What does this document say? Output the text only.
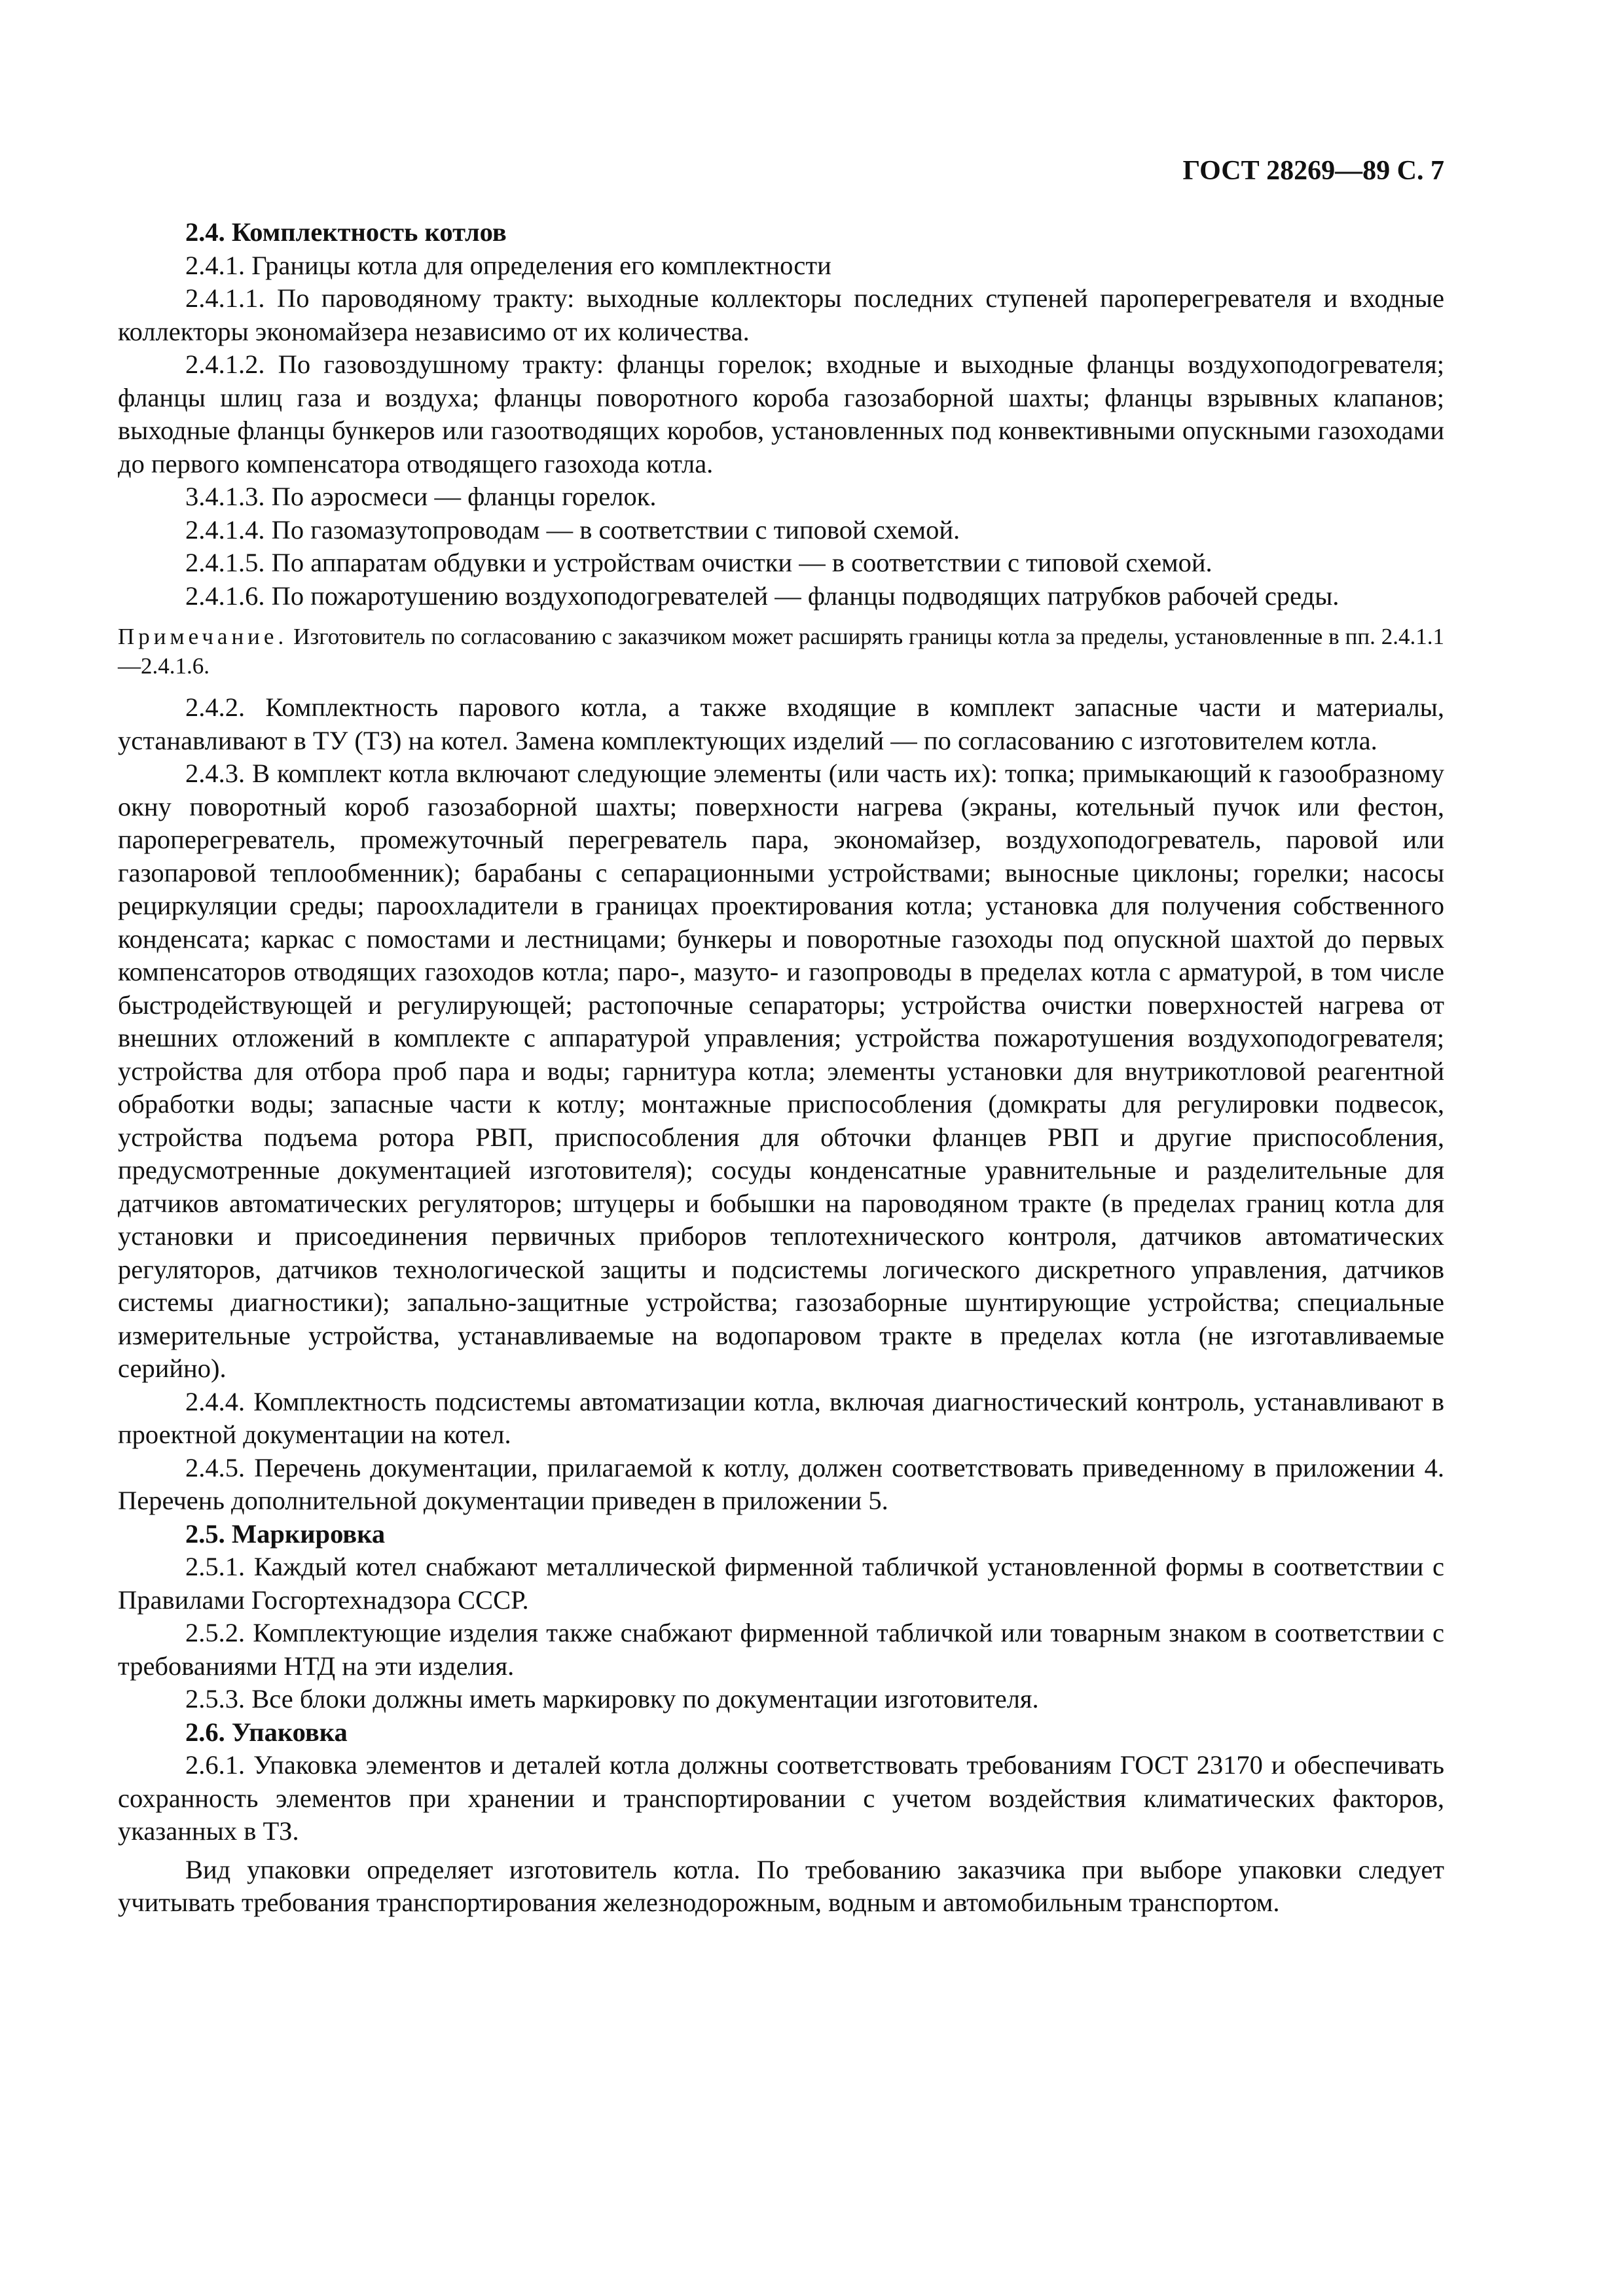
ГОСТ 28269—89 С. 7

2.4. Комплектность котлов

2.4.1. Границы котла для определения его комплектности

2.4.1.1. По пароводяному тракту: выходные коллекторы последних ступеней пароперегревателя и входные коллекторы экономайзера независимо от их количества.

2.4.1.2. По газовоздушному тракту: фланцы горелок; входные и выходные фланцы воздухоподогревателя; фланцы шлиц газа и воздуха; фланцы поворотного короба газозаборной шахты; фланцы взрывных клапанов; выходные фланцы бункеров или газоотводящих коробов, установленных под конвективными опускными газоходами до первого компенсатора отводящего газохода котла.

3.4.1.3. По аэросмеси — фланцы горелок.

2.4.1.4. По газомазутопроводам — в соответствии с типовой схемой.

2.4.1.5. По аппаратам обдувки и устройствам очистки — в соответствии с типовой схемой.

2.4.1.6. По пожаротушению воздухоподогревателей — фланцы подводящих патрубков рабочей среды.

Примечание. Изготовитель по согласованию с заказчиком может расширять границы котла за пределы, установленные в пп. 2.4.1.1—2.4.1.6.

2.4.2. Комплектность парового котла, а также входящие в комплект запасные части и материалы, устанавливают в ТУ (ТЗ) на котел. Замена комплектующих изделий — по согласованию с изготовителем котла.

2.4.3. В комплект котла включают следующие элементы (или часть их): топка; примыкающий к газообразному окну поворотный короб газозаборной шахты; поверхности нагрева (экраны, котельный пучок или фестон, пароперегреватель, промежуточный перегреватель пара, экономайзер, воздухоподогреватель, паровой или газопаровой теплообменник); барабаны с сепарационными устройствами; выносные циклоны; горелки; насосы рециркуляции среды; пароохладители в границах проектирования котла; установка для получения собственного конденсата; каркас с помостами и лестницами; бункеры и поворотные газоходы под опускной шахтой до первых компенсаторов отводящих газоходов котла; паро-, мазуто- и газопроводы в пределах котла с арматурой, в том числе быстродействующей и регулирующей; растопочные сепараторы; устройства очистки поверхностей нагрева от внешних отложений в комплекте с аппаратурой управления; устройства пожаротушения воздухоподогревателя; устройства для отбора проб пара и воды; гарнитура котла; элементы установки для внутрикотловой реагентной обработки воды; запасные части к котлу; монтажные приспособления (домкраты для регулировки подвесок, устройства подъема ротора РВП, приспособления для обточки фланцев РВП и другие приспособления, предусмотренные документацией изготовителя); сосуды конденсатные уравнительные и разделительные для датчиков автоматических регуляторов; штуцеры и бобышки на пароводяном тракте (в пределах границ котла для установки и присоединения первичных приборов теплотехнического контроля, датчиков автоматических регуляторов, датчиков технологической защиты и подсистемы логического дискретного управления, датчиков системы диагностики); запально-защитные устройства; газозаборные шунтирующие устройства; специальные измерительные устройства, устанавливаемые на водопаровом тракте в пределах котла (не изготавливаемые серийно).

2.4.4. Комплектность подсистемы автоматизации котла, включая диагностический контроль, устанавливают в проектной документации на котел.

2.4.5. Перечень документации, прилагаемой к котлу, должен соответствовать приведенному в приложении 4. Перечень дополнительной документации приведен в приложении 5.

2.5. Маркировка

2.5.1. Каждый котел снабжают металлической фирменной табличкой установленной формы в соответствии с Правилами Госгортехнадзора СССР.

2.5.2. Комплектующие изделия также снабжают фирменной табличкой или товарным знаком в соответствии с требованиями НТД на эти изделия.

2.5.3. Все блоки должны иметь маркировку по документации изготовителя.

2.6. Упаковка

2.6.1. Упаковка элементов и деталей котла должны соответствовать требованиям ГОСТ 23170 и обеспечивать сохранность элементов при хранении и транспортировании с учетом воздействия климатических факторов, указанных в ТЗ.

Вид упаковки определяет изготовитель котла. По требованию заказчика при выборе упаковки следует учитывать требования транспортирования железнодорожным, водным и автомобильным транспортом.
